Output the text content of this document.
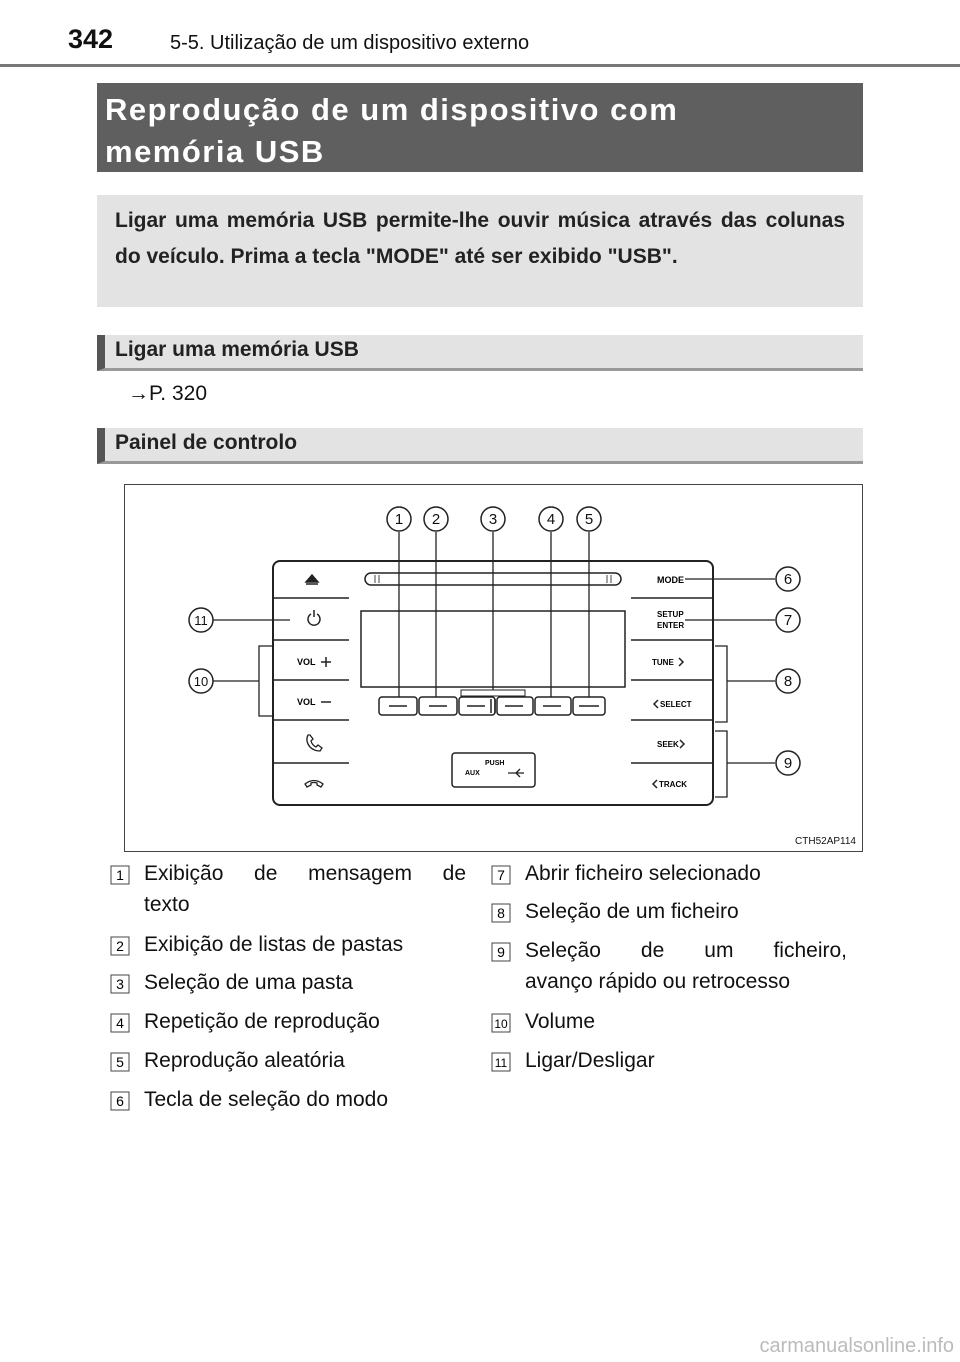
342	5-5. Utilização de um dispositivo externo
Reprodução de um dispositivo com
memória USB
Ligar uma memória USB permite-lhe ouvir música através das colunas do veículo. Prima a tecla "MODE" até ser exibido "USB".
Ligar uma memória USB
→P. 320
Painel de controlo
PUSH
AUX
VOL
VOL
MODE
SETUP
ENTER
TUNE
SELECT
SEEK
TRACK
1 2	3	4 5
6
7
8
9
10
11
CTH52AP114
1 Exibição de mensagem de
texto
2 Exibição de listas de pastas
3 Seleção de uma pasta
4 Repetição de reprodução
5 Reprodução aleatória
6 Tecla de seleção do modo
7 Abrir ficheiro selecionado
8 Seleção de um ficheiro
9 Seleção de um ficheiro,
avanço rápido ou retrocesso
10 Volume
11 Ligar/Desligar
carmanualsonline.info
